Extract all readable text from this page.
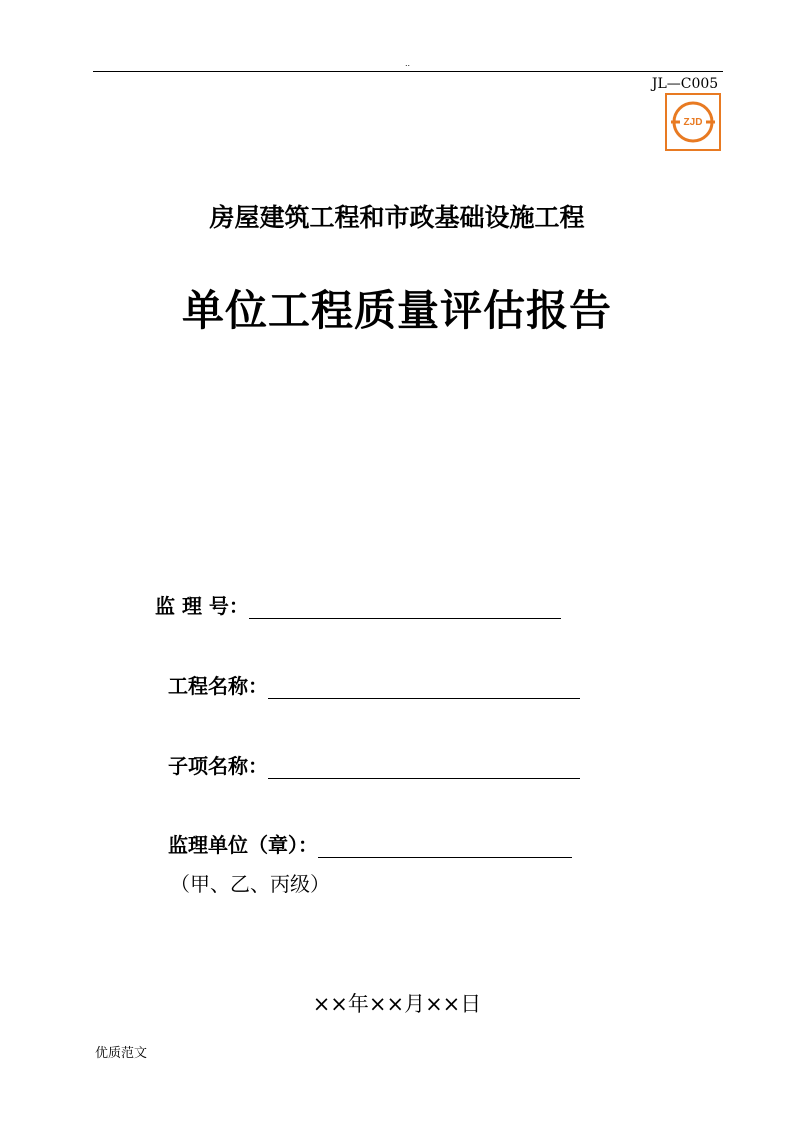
..
JL—C005
ZJD
房屋建筑工程和市政基础设施工程
单位工程质量评估报告
监 理 号：
工程名称：
子项名称：
监理单位（章）：
（甲、乙、丙级）
××年××月××日
优质范文
